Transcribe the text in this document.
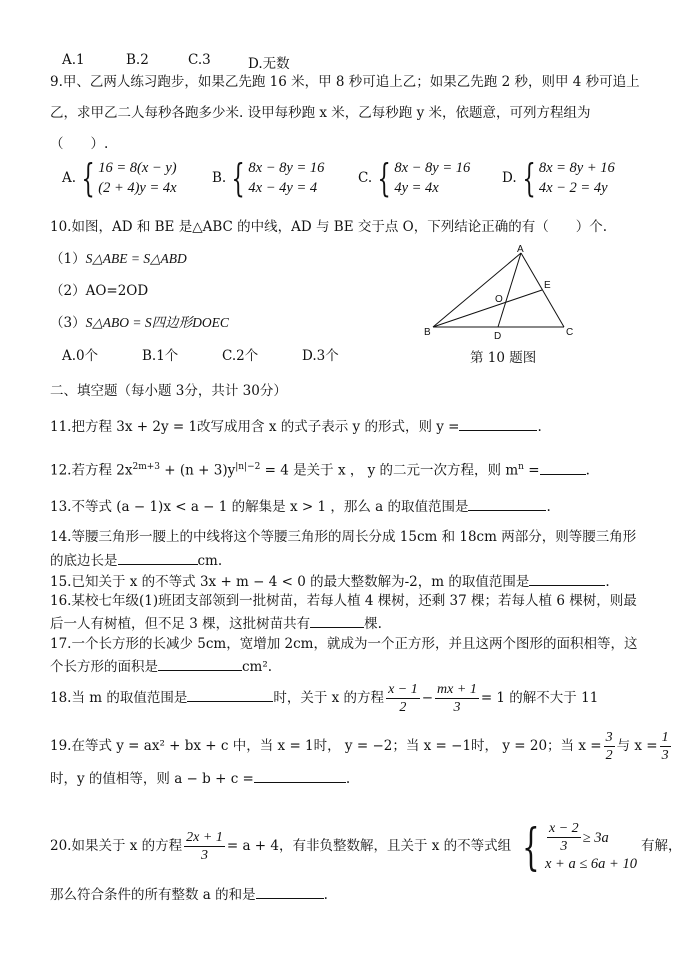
A.1	B.2	C.3	D.无数
9.甲、乙两人练习跑步，如果乙先跑 16 米，甲 8 秒可追上乙；如果乙先跑 2 秒，则甲 4 秒可追上
乙，求甲乙二人每秒各跑多少米. 设甲每秒跑 x 米，乙每秒跑 y 米，依题意，可列方程组为
（　　）.
A. { 16 = 8(x − y)
(2 + 4)y = 4x
B. { 8x − 8y = 16
4x − 4y = 4
C. { 8x − 8y = 16
4y = 4x
D. { 8x = 8y + 16
4x − 2 = 4y
10.如图，AD 和 BE 是△ABC 的中线，AD 与 BE 交于点 O，下列结论正确的有（　　）个.
（1）S△ABE = S△ABD
（2）AO=2OD
（3）S△ABO = S四边形DOEC
A.0个	B.1个	C.2个	D.3个
A
B	C
D
E
O
第 10 题图
二、填空题（每小题 3分，共计 30分）
11.把方程 3x + 2y = 1改写成用含 x 的式子表示 y 的形式，则 y =	.
12.若方程 $2x^{2m+3} + (n + 3)y^{|n|-2} = 4$ 是关于 x ， y 的二元一次方程，则 $m^n$ =	.
13.不等式 (a − 1)x < a − 1 的解集是 x > 1 ，那么 a 的取值范围是	.
14.等腰三角形一腰上的中线将这个等腰三角形的周长分成 15cm 和 18cm 两部分，则等腰三角形
的底边长是	cm.
15.已知关于 x 的不等式 3x + m − 4 < 0 的最大整数解为-2，m 的取值范围是	.
16.某校七年级(1)班团支部领到一批树苗，若每人植 4 棵树，还剩 37 棵；若每人植 6 棵树，则最
后一人有树植，但不足 3 棵，这批树苗共有	棵.
17.一个长方形的长减少 5cm，宽增加 2cm，就成为一个正方形，并且这两个图形的面积相等，这
个长方形的面积是	cm².
18.当 m 的取值范围是	时，关于 x 的方程 $\frac{x - 1}{2} - \frac{mx + 1}{3} = 1$ 的解不大于 11
19.在等式 y = ax² + bx + c 中，当 x = 1时， y = −2；当 x = −1时， y = 20；当 $x = \frac{3}{2}$ 与 $x = \frac{1}{3}$
时，y 的值相等，则 a − b + c =	.
20.如果关于 x 的方程 $\frac{2x + 1}{3} = a + 4$，有非负整数解，且关于 x 的不等式组 { $\frac{x - 2}{3} \ge 3a$
x + a ≤ 6a + 10
有解，
那么符合条件的所有整数 a 的和是	.
